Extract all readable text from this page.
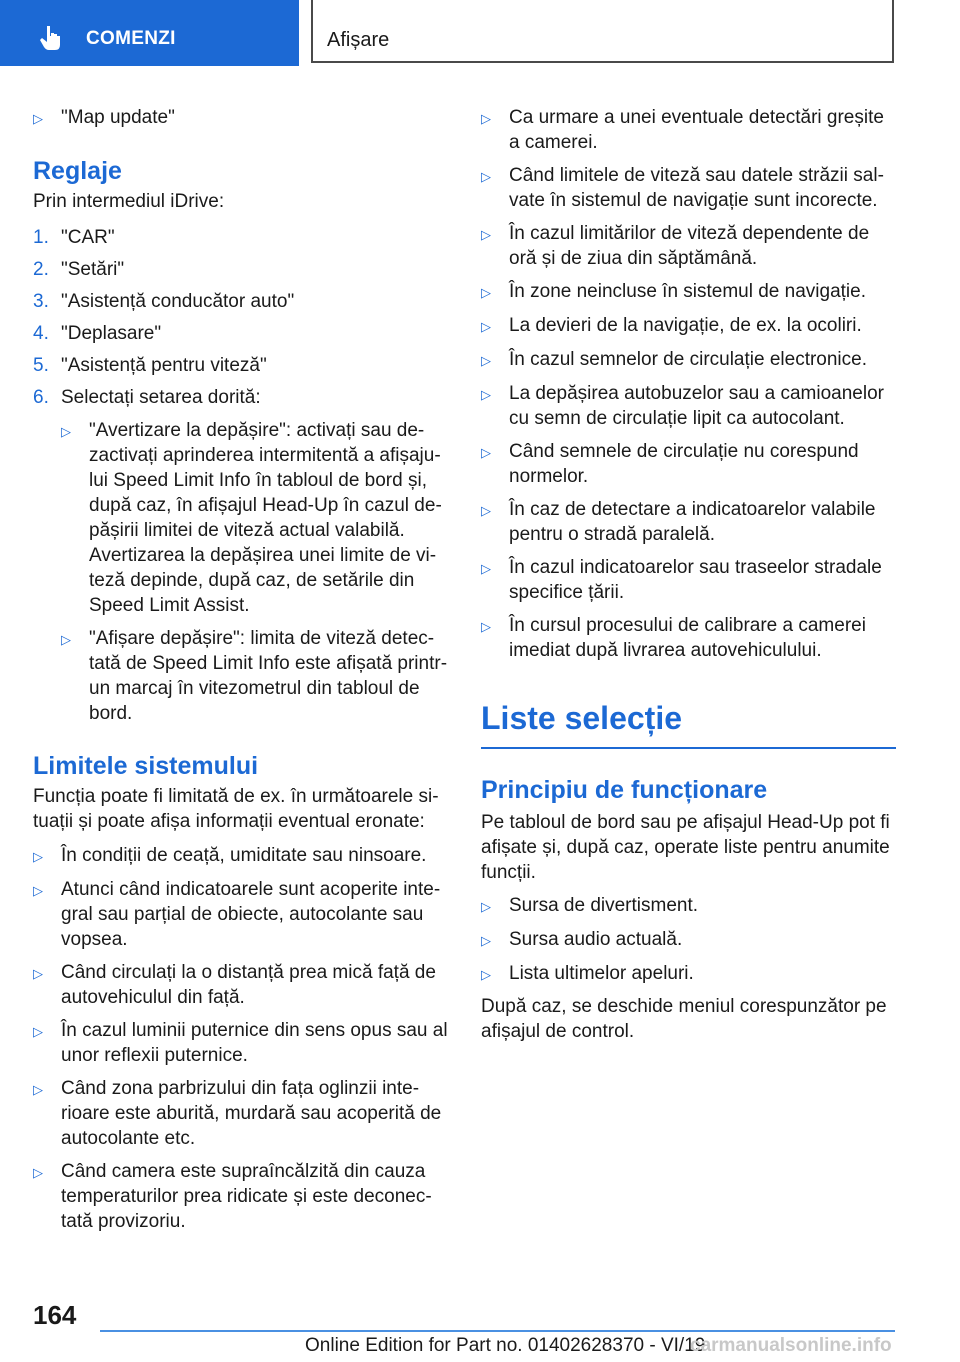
COMENZI	Afișare
▷ "Map update"
Reglaje

Prin intermediul iDrive:

1. "CAR"
2. "Setări"
3. "Asistență conducător auto"
4. "Deplasare"
5. "Asistență pentru viteză"
6. Selectați setarea dorită:
▷ "Avertizare la depășire": activați sau dezactivați aprinderea intermitentă a afișajului Speed Limit Info în tabloul de bord și, după caz, în afișajul Head-Up în cazul depășirii limitei de viteză actual valabilă. Avertizarea la depășirea unei limite de viteză depinde, după caz, de setările din Speed Limit Assist.
▷ "Afișare depășire": limita de viteză detectată de Speed Limit Info este afișată printr-un marcaj în vitezometrul din tabloul de bord.
Limitele sistemului

Funcția poate fi limitată de ex. în următoarele situații și poate afișa informații eventual eronate:

▷ În condiții de ceață, umiditate sau ninsoare.
▷ Atunci când indicatoarele sunt acoperite integral sau parțial de obiecte, autocolante sau vopsea.
▷ Când circulați la o distanță prea mică față de autovehiculul din față.
▷ În cazul luminii puternice din sens opus sau al unor reflexii puternice.
▷ Când zona parbrizului din fața oglinzii interioare este aburită, murdară sau acoperită de autocolante etc.
▷ Când camera este supraîncălzită din cauza temperaturilor prea ridicate și este deconectată provizoriu.
▷ Ca urmare a unei eventuale detectări greșite a camerei.
▷ Când limitele de viteză sau datele străzii salvate în sistemul de navigație sunt incorecte.
▷ În cazul limitărilor de viteză dependente de oră și de ziua din săptămână.
▷ În zone neincluse în sistemul de navigație.
▷ La devieri de la navigație, de ex. la ocoliri.
▷ În cazul semnelor de circulație electronice.
▷ La depășirea autobuzelor sau a camioanelor cu semn de circulație lipit ca autocolant.
▷ Când semnele de circulație nu corespund normelor.
▷ În caz de detectare a indicatoarelor valabile pentru o stradă paralelă.
▷ În cazul indicatoarelor sau traseelor stradale specifice țării.
▷ În cursul procesului de calibrare a camerei imediat după livrarea autovehiculului.
Liste selecție
Principiu de funcționare

Pe tabloul de bord sau pe afișajul Head-Up pot fi afișate și, după caz, operate liste pentru anumite funcții.

▷ Sursa de divertisment.
▷ Sursa audio actuală.
▷ Lista ultimelor apeluri.

După caz, se deschide meniul corespunzător pe afișajul de control.

164
Online Edition for Part no. 01402628370 - VI/19
carmanualsonline.info
